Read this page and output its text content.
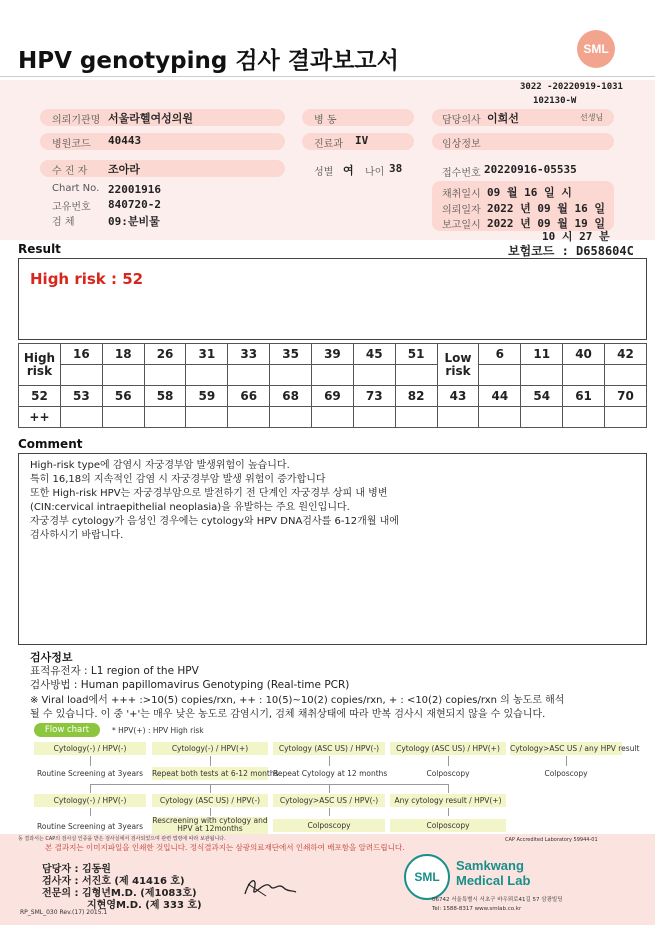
HPV genotyping 검사 결과보고서	SML
3022 -20220919-1031
102130-W
의뢰기관명 서울라헬여성의원
병원코드 40443
수 진 자 조아라
Chart No. 22001916
고유번호 840720-2
검 체	09:분비물
병 동
진료과 IV
성별 여 나이 38
담당의사 이희선	선생님
임상정보
접수번호 20220916-05535
채취일시 09 월 16 일 시
의뢰일자 2022 년 09 월 16 일
보고일시 2022 년 09 월 19 일
10 시 27 분
Result	보험코드 : D658604C
High risk : 52
High risk	16	18	26	31	33	35	39	45	51	Low risk	6	11	40	42

52	53	56	58	59	66	68	69	73	82	43	44	54	61	70
++														
Comment
High-risk type에 감염시 자궁경부암 발생위험이 높습니다.
특히 16,18의 지속적인 감염 시 자궁경부암 발생 위험이 증가합니다
또한 High-risk HPV는 자궁경부암으로 발전하기 전 단계인 자궁경부 상피 내 병변
(CIN:cervical intraepithelial neoplasia)을 유발하는 주요 원인입니다.
자궁경부 cytology가 음성인 경우에는 cytology와 HPV DNA검사를 6-12개월 내에
검사하시기 바랍니다.
검사정보
표적유전자 : L1 region of the HPV
검사방법 : Human papillomavirus Genotyping (Real-time PCR)
※ Viral load에서 +++ :>10(5) copies/rxn, ++ : 10(5)~10(2) copies/rxn, + : <10(2) copies/rxn 의 농도로 해석
될 수 있습니다. 이 중 '+'는 매우 낮은 농도로 감염시기, 검체 채취상태에 따라 반복 검사시 재현되지 않을 수 있습니다.
Flow chart	* HPV(+) : HPV High risk
Cytology(-) / HPV(-)	Cytology(-) / HPV(+)	Cytology (ASC US) / HPV(-)	Cytology (ASC US) / HPV(+)	Cytology>ASC US / any HPV result
Routine Screening at 3years	Repeat both tests at 6-12 months
Repeat Cytology at 12 months	Colposcopy	Colposcopy
Cytology(-) / HPV(-)	Cytology (ASC US) / HPV(-)	Cytology>ASC US / HPV(-)	Any cytology result / HPV(+)
Routine Screening at 3years
Rescreening with cytology and HPV at 12months	Colposcopy	Colposcopy
동 결과서는 CAP의 검사실 인증을 받은 검사실에서 검사되었으며 관련 법령에 따라 보관됩니다.	CAP Accredited Laboratory 59944-01
본 결과지는 이미지파일을 인쇄한 것입니다. 정식결과지는 삼광의료재단에서 인쇄하여 배포함을 알려드립니다.
담당자 : 김동원
검사자 : 서진호 (제 41416 호)
전문의 : 김형년M.D. (제1083호)
지현영M.D. (제 333 호)
RP_SML_030 Rev.(17) 2015.1
SML
Samkwang
Medical Lab
06742 서울특별시 서초구 바우뫼로41길 57 삼광빌딩
Tel: 1588-8317 www.smlab.co.kr
